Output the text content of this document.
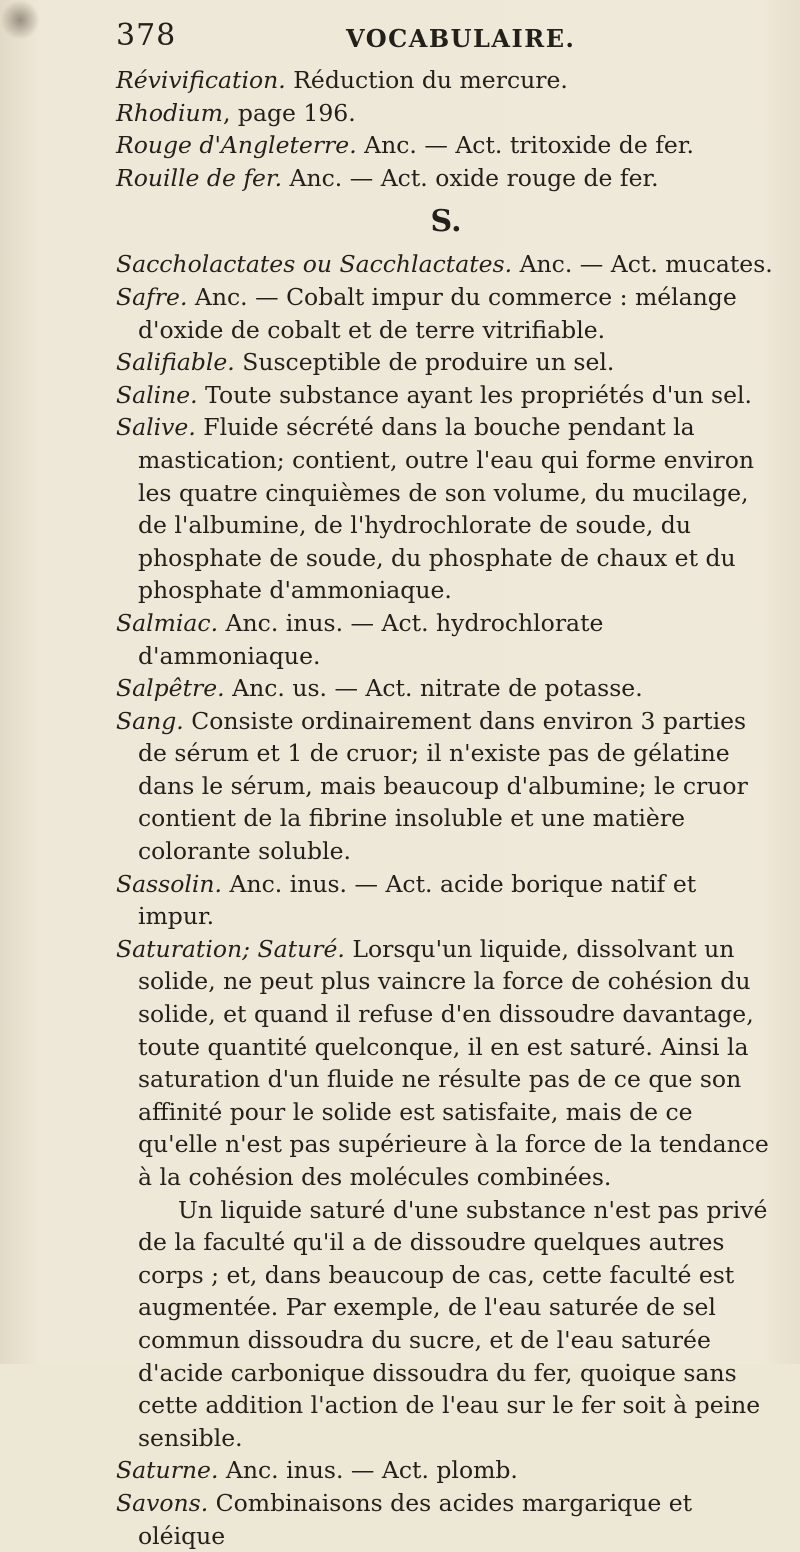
378	VOCABULAIRE.

Révivification. Réduction du mercure.

Rhodium, page 196.

Rouge d'Angleterre. Anc. — Act. tritoxide de fer.

Rouille de fer. Anc. — Act. oxide rouge de fer.

S.

Saccholactates ou Sacchlactates. Anc. — Act. mucates.

Safre. Anc. — Cobalt impur du commerce : mélange d'oxide de cobalt et de terre vitrifiable.

Salifiable. Susceptible de produire un sel.

Saline. Toute substance ayant les propriétés d'un sel.

Salive. Fluide sécrété dans la bouche pendant la mastication; contient, outre l'eau qui forme environ les quatre cinquièmes de son volume, du mucilage, de l'albumine, de l'hydrochlorate de soude, du phosphate de soude, du phosphate de chaux et du phosphate d'ammoniaque.

Salmiac. Anc. inus. — Act. hydrochlorate d'ammoniaque.

Salpêtre. Anc. us. — Act. nitrate de potasse.

Sang. Consiste ordinairement dans environ 3 parties de sérum et 1 de cruor; il n'existe pas de gélatine dans le sérum, mais beaucoup d'albumine; le cruor contient de la fibrine insoluble et une matière colorante soluble.

Sassolin. Anc. inus. — Act. acide borique natif et impur.

Saturation; Saturé. Lorsqu'un liquide, dissolvant un solide, ne peut plus vaincre la force de cohésion du solide, et quand il refuse d'en dissoudre davantage, toute quantité quelconque, il en est saturé. Ainsi la saturation d'un fluide ne résulte pas de ce que son affinité pour le solide est satisfaite, mais de ce qu'elle n'est pas supérieure à la force de la tendance à la cohésion des molécules combinées.

Un liquide saturé d'une substance n'est pas privé de la faculté qu'il a de dissoudre quelques autres corps ; et, dans beaucoup de cas, cette faculté est augmentée. Par exemple, de l'eau saturée de sel commun dissoudra du sucre, et de l'eau saturée d'acide carbonique dissoudra du fer, quoique sans cette addition l'action de l'eau sur le fer soit à peine sensible.

Saturne. Anc. inus. — Act. plomb.

Savons. Combinaisons des acides margarique et oléique
